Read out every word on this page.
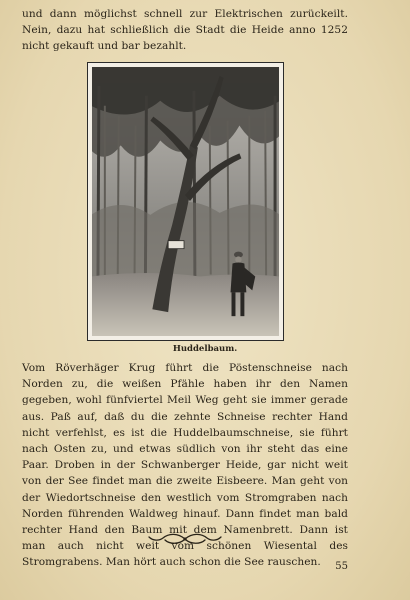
und dann möglichst schnell zur Elektrischen zurückeilt. Nein, dazu hat schließlich die Stadt die Heide anno 1252 nicht gekauft und bar bezahlt.

Huddelbaum.

Vom Röverhäger Krug führt die Pöstenschneise nach Norden zu, die weißen Pfähle haben ihr den Namen gegeben, wohl fünfviertel Meil Weg geht sie immer gerade aus. Paß auf, daß du die zehnte Schneise rechter Hand nicht verfehlst, es ist die Huddelbaumschneise, sie führt nach Osten zu, und etwas südlich von ihr steht das eine Paar. Droben in der Schwanberger Heide, gar nicht weit von der See findet man die zweite Eisbeere. Man geht von der Wiedortschneise den westlich vom Stromgraben nach Norden führenden Waldweg hinauf. Dann findet man bald rechter Hand den Baum mit dem Namenbrett. Dann ist man auch nicht weit vom schönen Wiesental des Stromgrabens. Man hört auch schon die See rauschen.	55
